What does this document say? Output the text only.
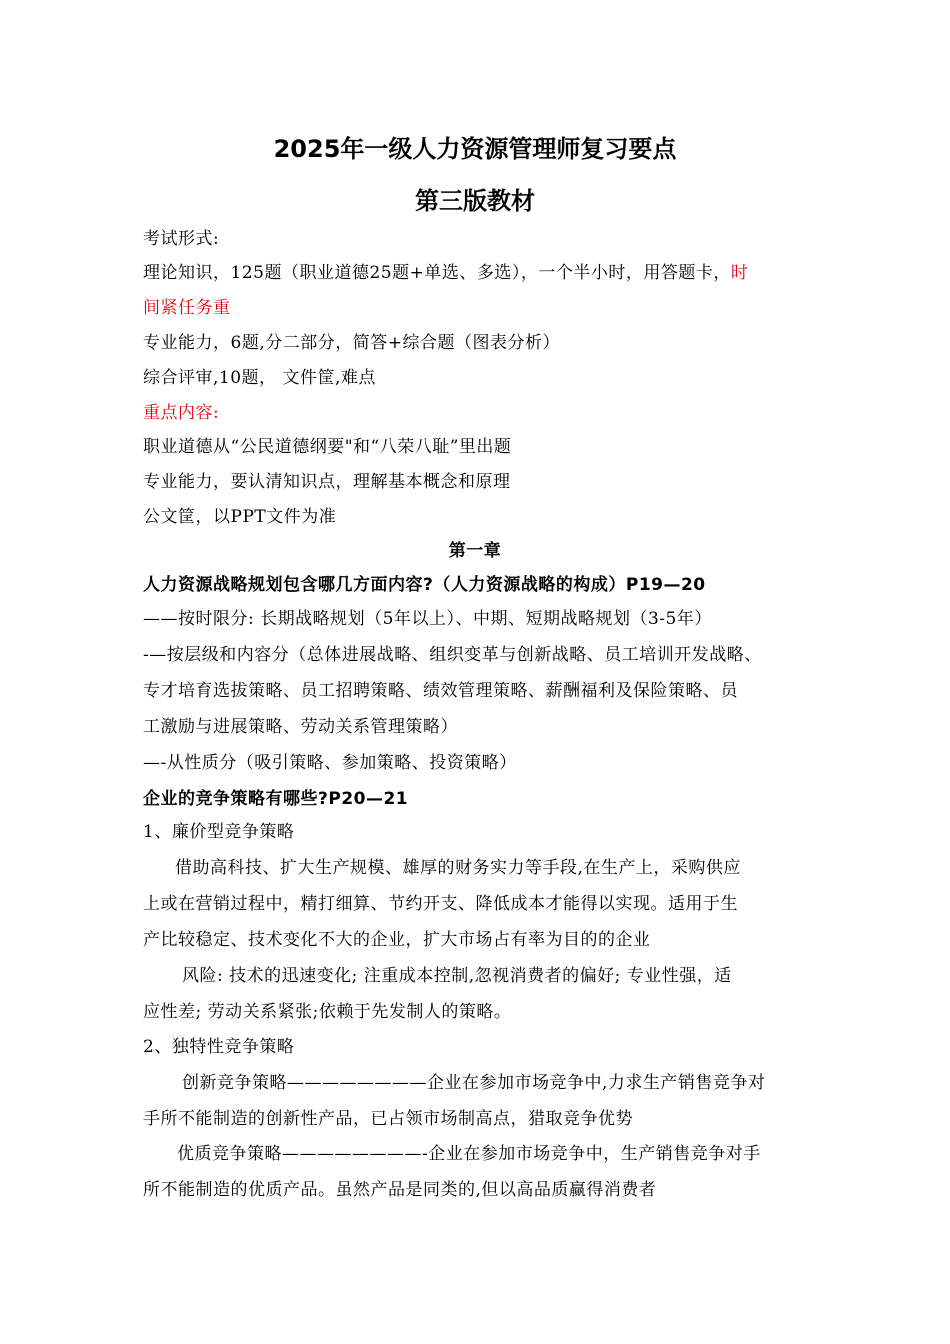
2025年一级人力资源管理师复习要点
第三版教材
考试形式:
理论知识，125题（职业道德25题+单选、多选），一个半小时，用答题卡，时
间紧任务重
专业能力，6题,分二部分，简答+综合题（图表分析）
综合评审,10题， 文件筐,难点
重点内容:
职业道德从“公民道德纲要"和“八荣八耻”里出题
专业能力，要认清知识点，理解基本概念和原理
公文筐，以PPT文件为准
第一章
人力资源战略规划包含哪几方面内容?（人力资源战略的构成）P19—20
——按时限分: 长期战略规划（5年以上）、中期、短期战略规划（3-5年）
-—按层级和内容分（总体进展战略、组织变革与创新战略、员工培训开发战略、
专才培育选拔策略、员工招聘策略、绩效管理策略、薪酬福利及保险策略、员
工激励与进展策略、劳动关系管理策略）
—-从性质分（吸引策略、参加策略、投资策略）
企业的竞争策略有哪些?P20—21
1、廉价型竞争策略
借助高科技、扩大生产规模、雄厚的财务实力等手段,在生产上，采购供应
上或在营销过程中，精打细算、节约开支、降低成本才能得以实现。适用于生
产比较稳定、技术变化不大的企业，扩大市场占有率为目的的企业
风险: 技术的迅速变化; 注重成本控制,忽视消费者的偏好; 专业性强，适
应性差; 劳动关系紧张;依赖于先发制人的策略。
2、独特性竞争策略
创新竞争策略————————企业在参加市场竞争中,力求生产销售竞争对
手所不能制造的创新性产品，已占领市场制高点，猎取竞争优势
优质竞争策略————————-企业在参加市场竞争中，生产销售竞争对手
所不能制造的优质产品。虽然产品是同类的,但以高品质赢得消费者
